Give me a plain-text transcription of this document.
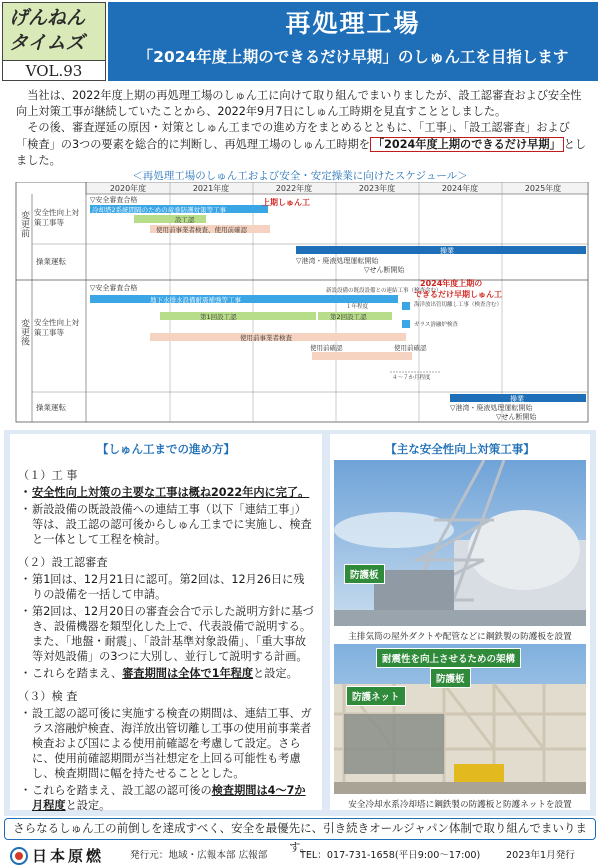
げんねん
タイムズ
VOL.93
再処理工場
「2024年度上期のできるだけ早期」のしゅん工を目指します

当社は、2022年度上期の再処理工場のしゅん工に向けて取り組んでまいりましたが、設工認審査および安全性向上対策工事が継続していたことから、2022年9月7日にしゅん工時期を見直すこととしました。

その後、審査遅延の原因・対策としゅん工までの進め方をまとめるとともに、「工事」、「設工認審査」および「検査」の3つの要素を総合的に判断し、再処理工場のしゅん工時期を 「2024年度上期のできるだけ早期」 としました。

＜再処理工場のしゅん工および安全・安定操業に向けたスケジュール＞
2020年度	2021年度	2022年度	2023年度	2024年度	2025年度
変更前
変更後
安全性向上対策工事等
操業運転
安全性向上対策工事等
操業運転
▽安全審査合格
冷却塔2系統間隔のための竜巻防護対策等工事
設工認
使用前事業者検査、使用前確認
上期しゅん工
操業
▽港湾・廃液処理運転開始
▽せん断開始
▽安全審査合格
地下水排水設備耐震補強等工事
新設設備の既設設備との連結工事（検査含む）
海洋放出管切離し工事（検査含む）
ガラス溶融炉検査
第1回設工認	第2回設工認
１年程度
使用前事業者検査
使用前確認	使用前確認
４～７か月程度
2024年度上期の
できるだけ早期しゅん工
操業
▽港湾・廃液処理運転開始
▽せん断開始
【しゅん工までの進め方】
（１）工 事
・ 安全性向上対策の主要な工事は概ね2022年内に完了。
・ 新設設備の既設設備への連結工事（以下「連結工事」）等は、設工認の認可後からしゅん工までに実施し、検査と一体として工程を検討。
（２）設工認審査
・ 第1回は、12月21日に認可。第2回は、12月26日に残りの設備を一括して申請。
・ 第2回は、12月20日の審査会合で示した説明方針に基づき、設備機器を類型化した上で、代表設備で説明する。また、「地盤・耐震」、「設計基準対象設備」、「重大事故等対処設備」の3つに大別し、並行して説明する計画。
・ これらを踏まえ、審査期間は全体で1年程度と設定。
（３）検 査
・ 設工認の認可後に実施する検査の期間は、連結工事、ガラス溶融炉検査、海洋放出管切離し工事の使用前事業者検査および国による使用前確認を考慮して設定。さらに、使用前確認期間が当社想定を上回る可能性も考慮し、検査期間に幅を持たせることとした。
・ これらを踏まえ、設工認の認可後の検査期間は4～7か月程度と設定。
【主な安全性向上対策工事】
防護板
主排気筒の屋外ダクトや配管などに鋼鉄製の防護板を設置
耐震性を向上させるための架構
防護板
防護ネット
安全冷却水系冷却塔に鋼鉄製の防護板と防護ネットを設置
さらなるしゅん工の前倒しを達成すべく、安全を最優先に、引き続きオールジャパン体制で取り組んでまいります。
日本原燃	発行元：地域・広報本部 広報部	TEL：017-731-1658(平日9:00～17:00)	2023年1月発行
